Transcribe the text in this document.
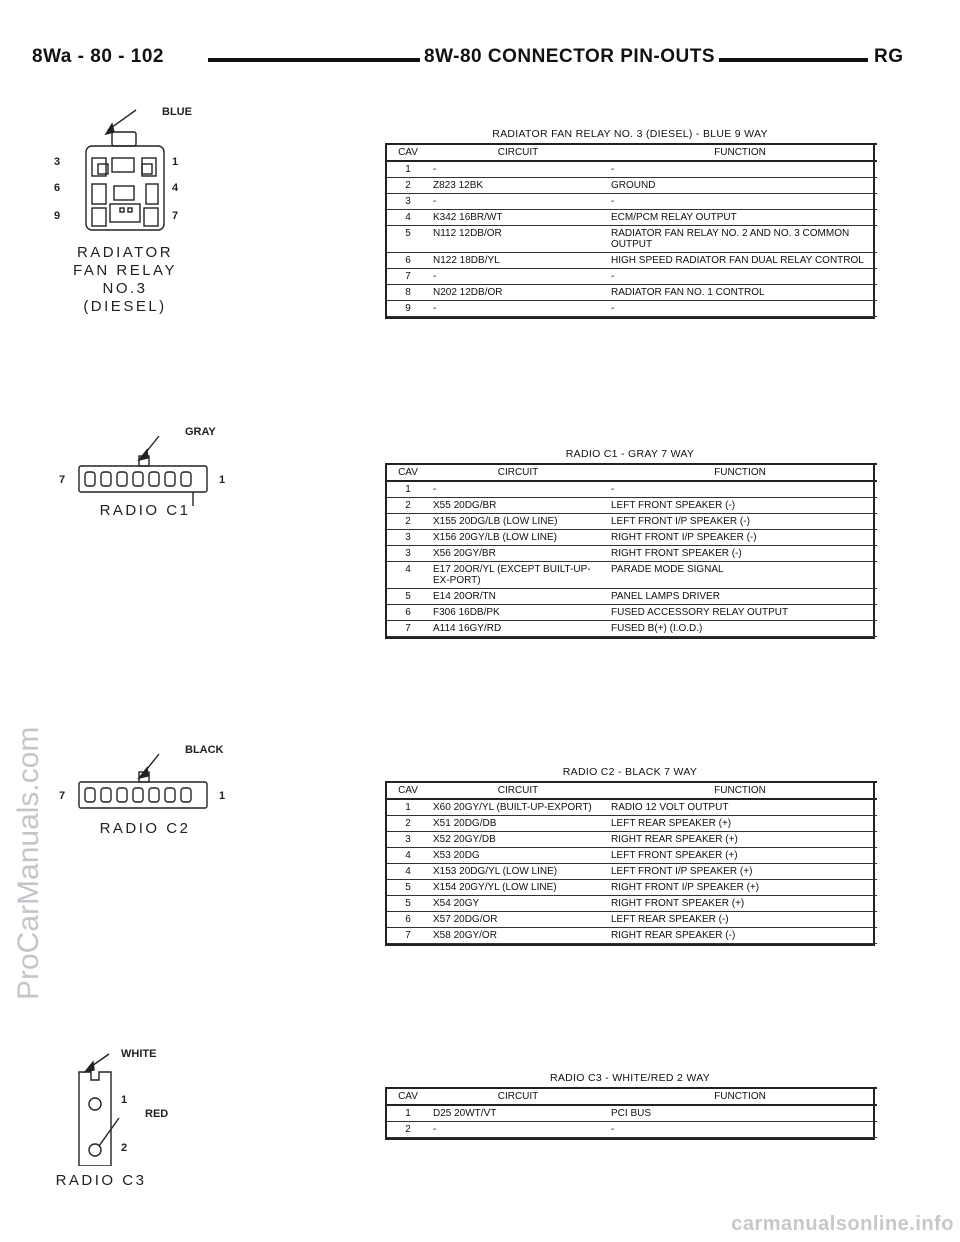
8Wa - 80 - 102	8W-80 CONNECTOR PIN-OUTS	RG
ProCarManuals.com
carmanualsonline.info
BLUE
3	1
6	4
9	7
RADIATOR
FAN RELAY
NO.3
(DIESEL)
GRAY
7	1
RADIO C1
BLACK
7	1
RADIO C2
WHITE
1
RED
2
RADIO C3
RADIATOR FAN RELAY NO. 3 (DIESEL) - BLUE 9 WAY
CAV	CIRCUIT	FUNCTION
1	-	-
2	Z823 12BK	GROUND
3	-	-
4	K342 16BR/WT	ECM/PCM RELAY OUTPUT
5	N112 12DB/OR	RADIATOR FAN RELAY NO. 2 AND NO. 3 COMMON OUTPUT
6	N122 18DB/YL	HIGH SPEED RADIATOR FAN DUAL RELAY CONTROL
7	-	-
8	N202 12DB/OR	RADIATOR FAN NO. 1 CONTROL
9	-	-
RADIO C1 - GRAY 7 WAY
CAV	CIRCUIT	FUNCTION
1	-	-
2	X55 20DG/BR	LEFT FRONT SPEAKER (-)
2	X155 20DG/LB (LOW LINE)	LEFT FRONT I/P SPEAKER (-)
3	X156 20GY/LB (LOW LINE)	RIGHT FRONT I/P SPEAKER (-)
3	X56 20GY/BR	RIGHT FRONT SPEAKER (-)
4	E17 20OR/YL (EXCEPT BUILT-UP-EX-PORT)	PARADE MODE SIGNAL
5	E14 20OR/TN	PANEL LAMPS DRIVER
6	F306 16DB/PK	FUSED ACCESSORY RELAY OUTPUT
7	A114 16GY/RD	FUSED B(+) (I.O.D.)
RADIO C2 - BLACK 7 WAY
CAV	CIRCUIT	FUNCTION
1	X60 20GY/YL (BUILT-UP-EXPORT)	RADIO 12 VOLT OUTPUT
2	X51 20DG/DB	LEFT REAR SPEAKER (+)
3	X52 20GY/DB	RIGHT REAR SPEAKER (+)
4	X53 20DG	LEFT FRONT SPEAKER (+)
4	X153 20DG/YL (LOW LINE)	LEFT FRONT I/P SPEAKER (+)
5	X154 20GY/YL (LOW LINE)	RIGHT FRONT I/P SPEAKER (+)
5	X54 20GY	RIGHT FRONT SPEAKER (+)
6	X57 20DG/OR	LEFT REAR SPEAKER (-)
7	X58 20GY/OR	RIGHT REAR SPEAKER (-)
RADIO C3 - WHITE/RED 2 WAY
CAV	CIRCUIT	FUNCTION
1	D25 20WT/VT	PCI BUS
2	-	-
